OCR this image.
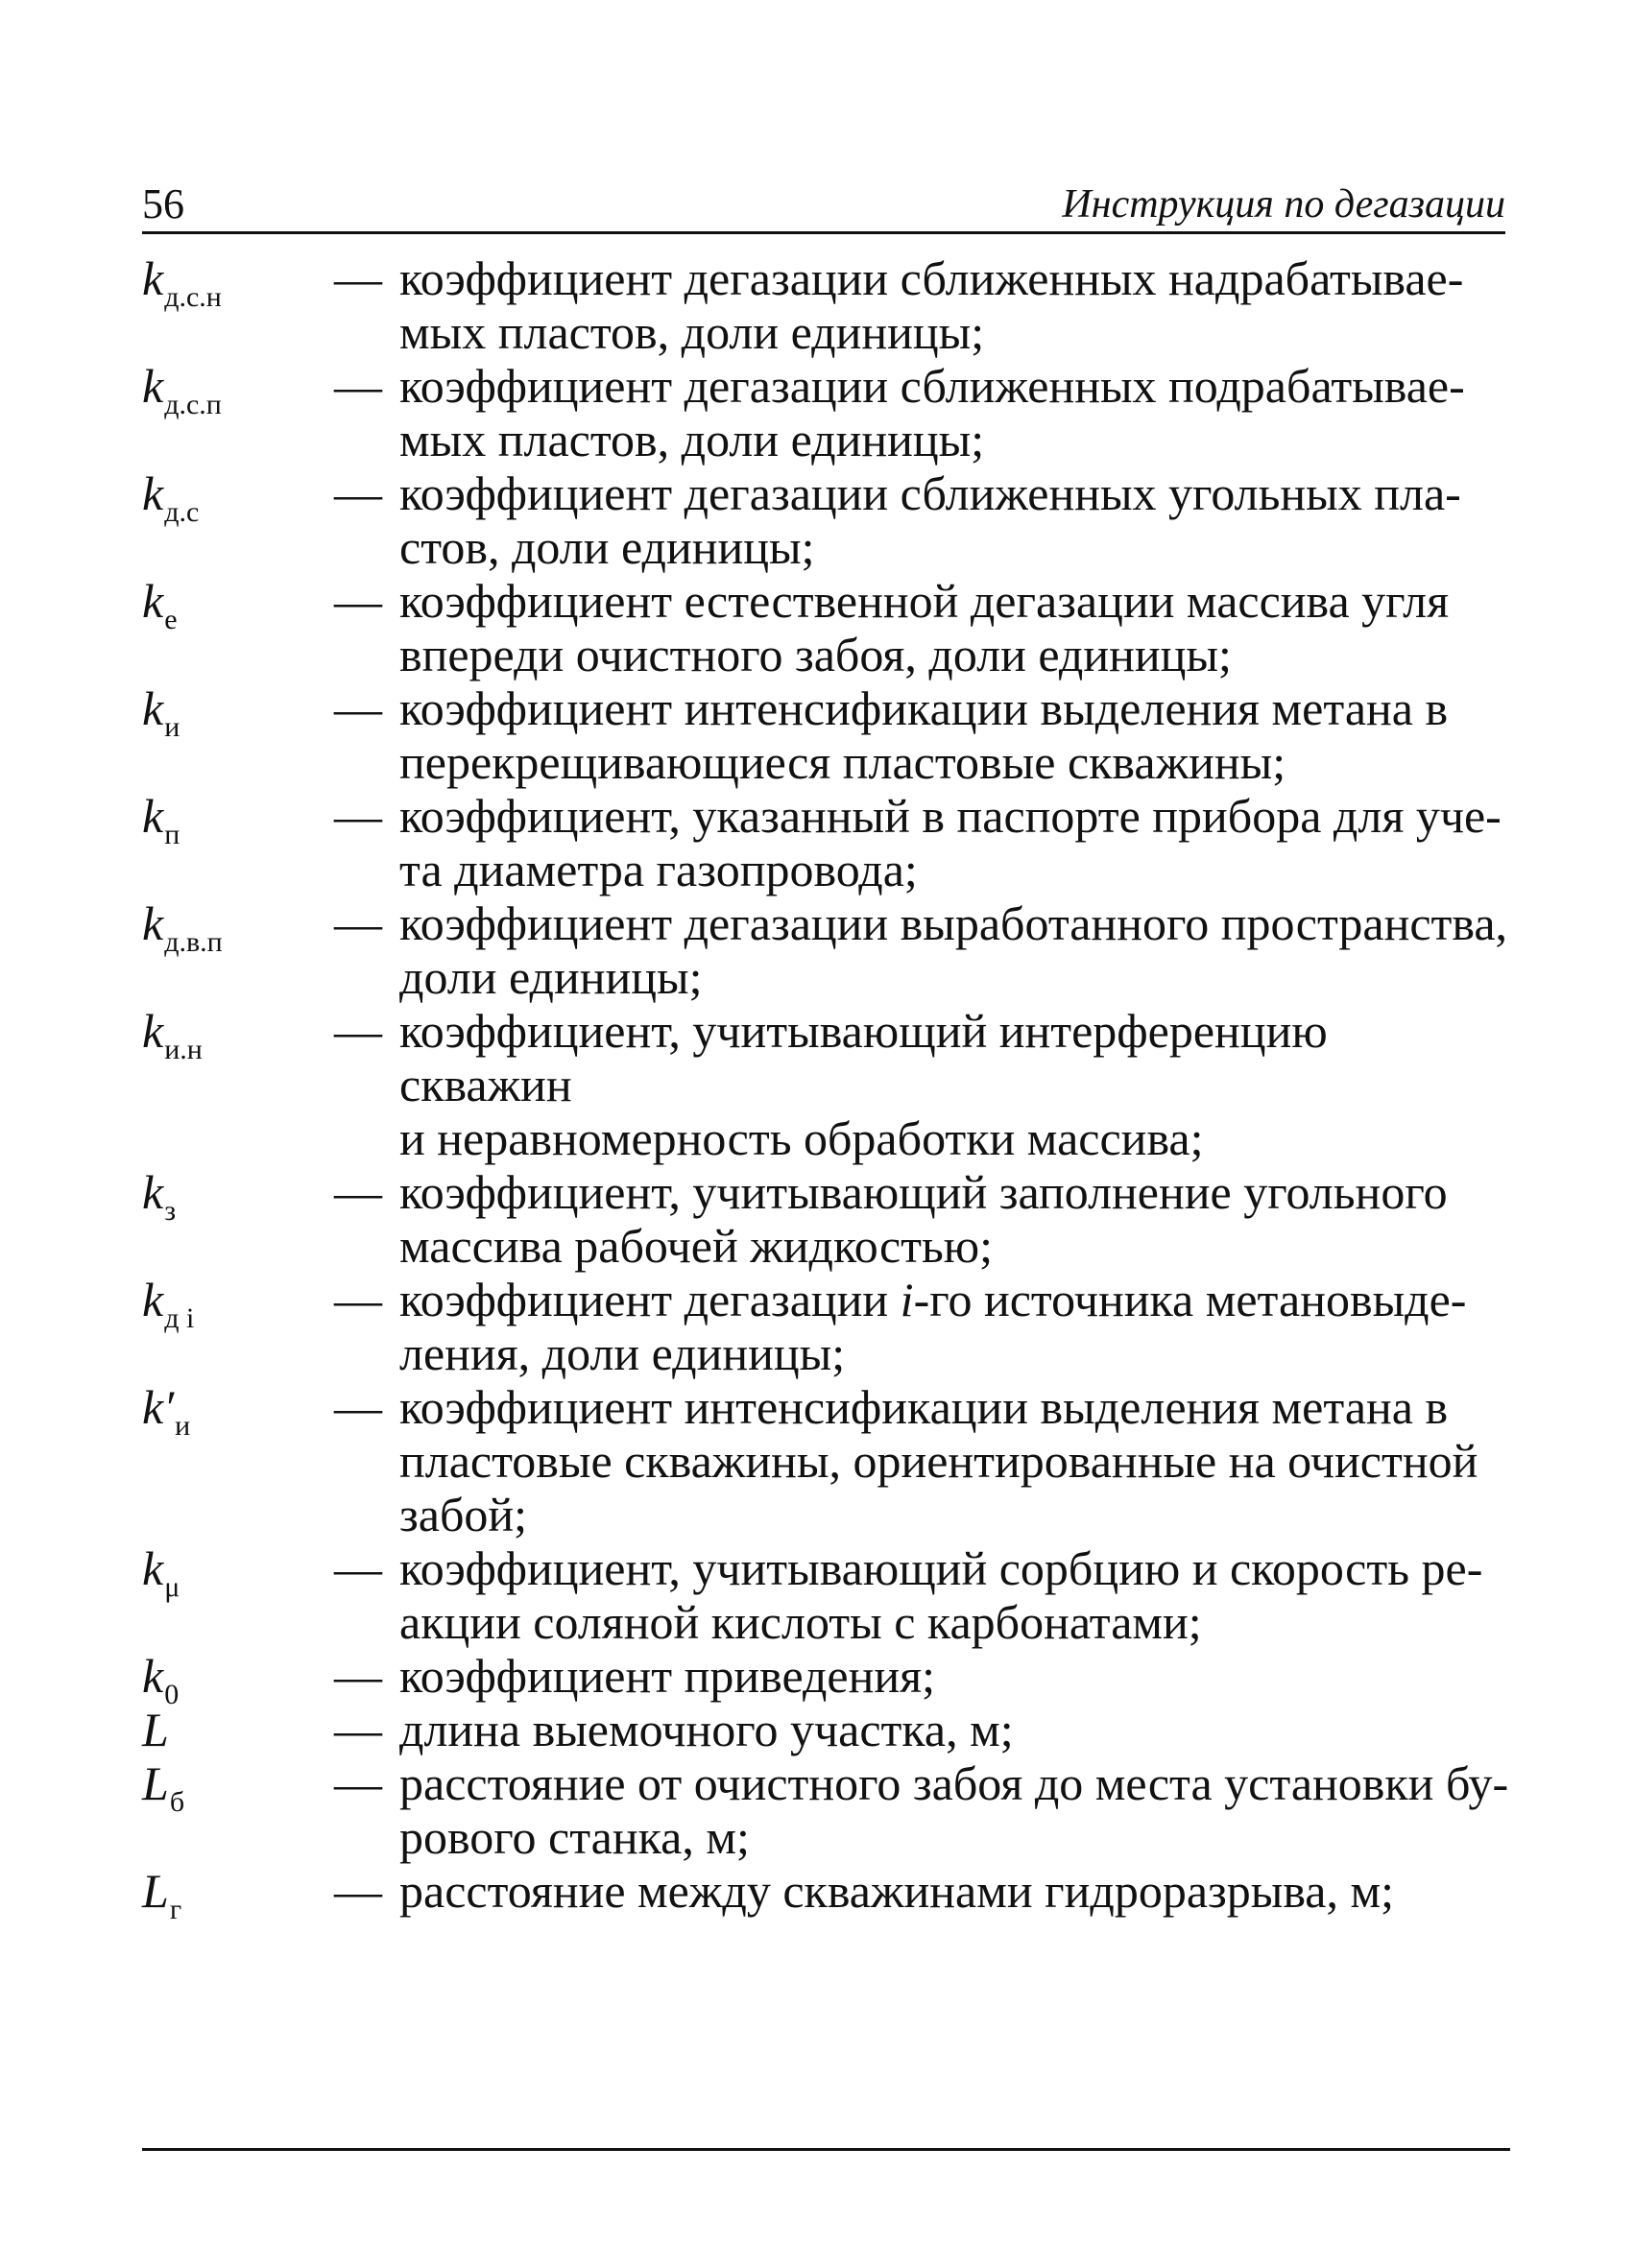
56	Инструкция по дегазации
$k_{д.с.н}$	— коэффициент дегазации сближенных надрабатывае-
мых пластов, доли единицы;
$k_{д.с.п}$	— коэффициент дегазации сближенных подрабатывае-
мых пластов, доли единицы;
$k_{д.с}$	— коэффициент дегазации сближенных угольных пла-
стов, доли единицы;
$k_е$	— коэффициент естественной дегазации массива угля
впереди очистного забоя, доли единицы;
$k_и$	— коэффициент интенсификации выделения метана в
перекрещивающиеся пластовые скважины;
$k_п$	— коэффициент, указанный в паспорте прибора для уче-
та диаметра газопровода;
$k_{д.в.п}$	— коэффициент дегазации выработанного пространства,
доли единицы;
$k_{и.н}$	— коэффициент, учитывающий интерференцию скважин
и неравномерность обработки массива;
$k_з$	— коэффициент, учитывающий заполнение угольного
массива рабочей жидкостью;
$k_{д i}$	— коэффициент дегазации i-го источника метановыде-
ления, доли единицы;
$k'_и$	— коэффициент интенсификации выделения метана в
пластовые скважины, ориентированные на очистной
забой;
$k_\mu$	— коэффициент, учитывающий сорбцию и скорость ре-
акции соляной кислоты с карбонатами;
$k_0$	— коэффициент приведения;
L	— длина выемочного участка, м;
$L_б$	— расстояние от очистного забоя до места установки бу-
рового станка, м;
$L_г$	— расстояние между скважинами гидроразрыва, м;
